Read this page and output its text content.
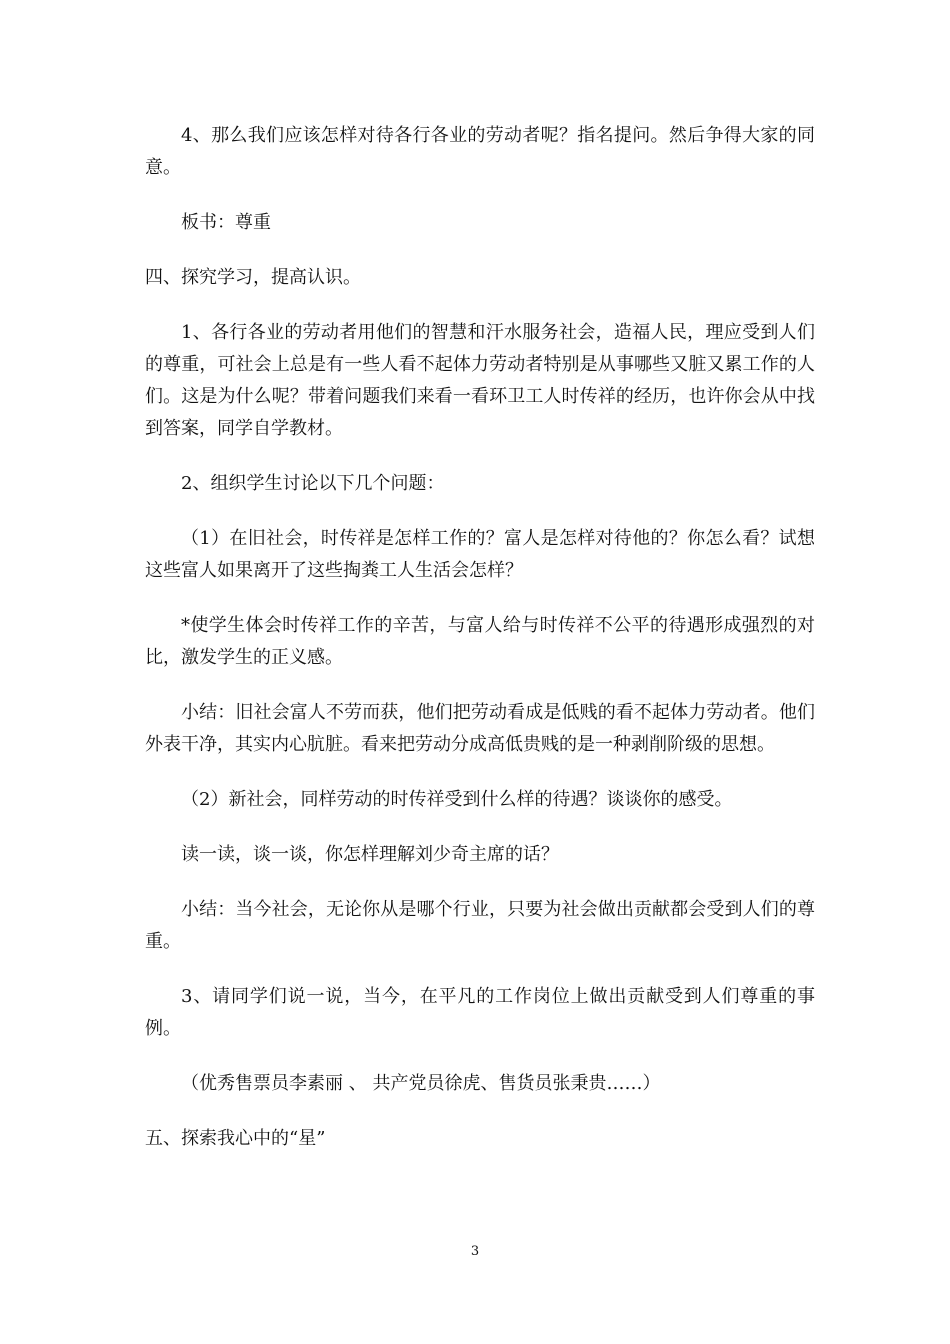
4、那么我们应该怎样对待各行各业的劳动者呢？指名提问。然后争得大家的同意。

板书：尊重

四、探究学习，提高认识。

1、各行各业的劳动者用他们的智慧和汗水服务社会，造福人民，理应受到人们的尊重，可社会上总是有一些人看不起体力劳动者特别是从事哪些又脏又累工作的人们。这是为什么呢？带着问题我们来看一看环卫工人时传祥的经历，也许你会从中找到答案，同学自学教材。

2、组织学生讨论以下几个问题：

（1）在旧社会，时传祥是怎样工作的？富人是怎样对待他的？你怎么看？试想这些富人如果离开了这些掏粪工人生活会怎样？

*使学生体会时传祥工作的辛苦，与富人给与时传祥不公平的待遇形成强烈的对比，激发学生的正义感。

小结：旧社会富人不劳而获，他们把劳动看成是低贱的看不起体力劳动者。他们外表干净，其实内心肮脏。看来把劳动分成高低贵贱的是一种剥削阶级的思想。

（2）新社会，同样劳动的时传祥受到什么样的待遇？谈谈你的感受。

读一读，谈一谈，你怎样理解刘少奇主席的话？

小结：当今社会，无论你从是哪个行业，只要为社会做出贡献都会受到人们的尊重。

3、请同学们说一说，当今，在平凡的工作岗位上做出贡献受到人们尊重的事例。

（优秀售票员李素丽 、 共产党员徐虎、售货员张秉贵……）

五、探索我心中的“星”

3
